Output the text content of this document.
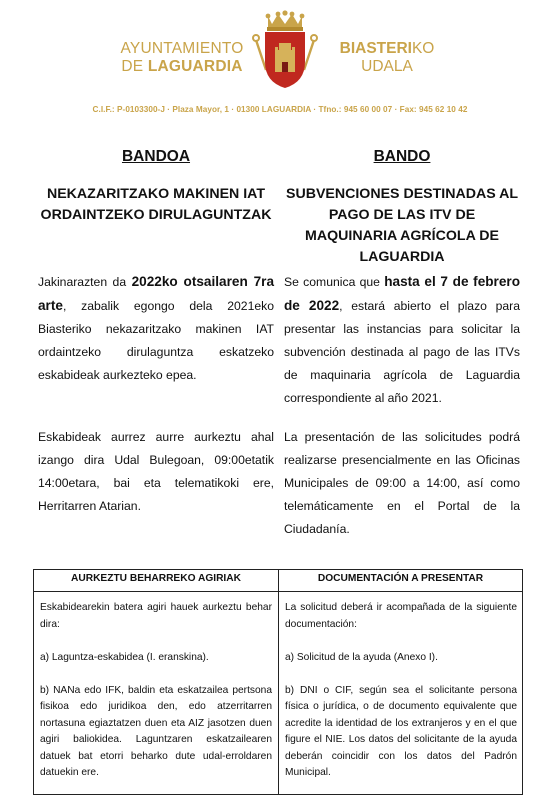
AYUNTAMIENTO
DE LAGUARDIA
BIASTERIKO
UDALA
C.I.F.: P-0103300-J · Plaza Mayor, 1 · 01300 LAGUARDIA · Tfno.: 945 60 00 07 · Fax: 945 62 10 42
BANDOA
NEKAZARITZAKO MAKINEN IAT ORDAINTZEKO DIRULAGUNTZAK

Jakinarazten da 2022ko otsailaren 7ra arte, zabalik egongo dela 2021eko Biasteriko nekazaritzako makinen IAT ordaintzeko dirulaguntza eskatzeko eskabideak aurkezteko epea.

Eskabideak aurrez aurre aurkeztu ahal izango dira Udal Bulegoan, 09:00etatik 14:00etara, bai eta telematikoki ere, Herritarren Atarian.

BANDO
SUBVENCIONES DESTINADAS AL PAGO DE LAS ITV DE MAQUINARIA AGRÍCOLA DE LAGUARDIA

Se comunica que hasta el 7 de febrero de 2022, estará abierto el plazo para presentar las instancias para solicitar la subvención destinada al pago de las ITVs de maquinaria agrícola de Laguardia correspondiente al año 2021.

La presentación de las solicitudes podrá realizarse presencialmente en las Oficinas Municipales de 09:00 a 14:00, así como telemáticamente en el Portal de la Ciudadanía.

AURKEZTU BEHARREKO AGIRIAK	DOCUMENTACIÓN A PRESENTAR

Eskabidearekin batera agiri hauek aurkeztu behar dira:

a) Laguntza-eskabidea (I. eranskina).

b) NANa edo IFK, baldin eta eskatzailea pertsona fisikoa edo juridikoa den, edo atzerritarren nortasuna egiaztatzen duen eta AIZ jasotzen duen agiri baliokidea. Laguntzaren eskatzailearen datuek bat etorri beharko dute udal-erroldaren datuekin ere.

La solicitud deberá ir acompañada de la siguiente documentación:

a) Solicitud de la ayuda (Anexo I).

b) DNI o CIF, según sea el solicitante persona física o jurídica, o de documento equivalente que acredite la identidad de los extranjeros y en el que figure el NIE. Los datos del solicitante de la ayuda deberán coincidir con los datos del Padrón Municipal.
